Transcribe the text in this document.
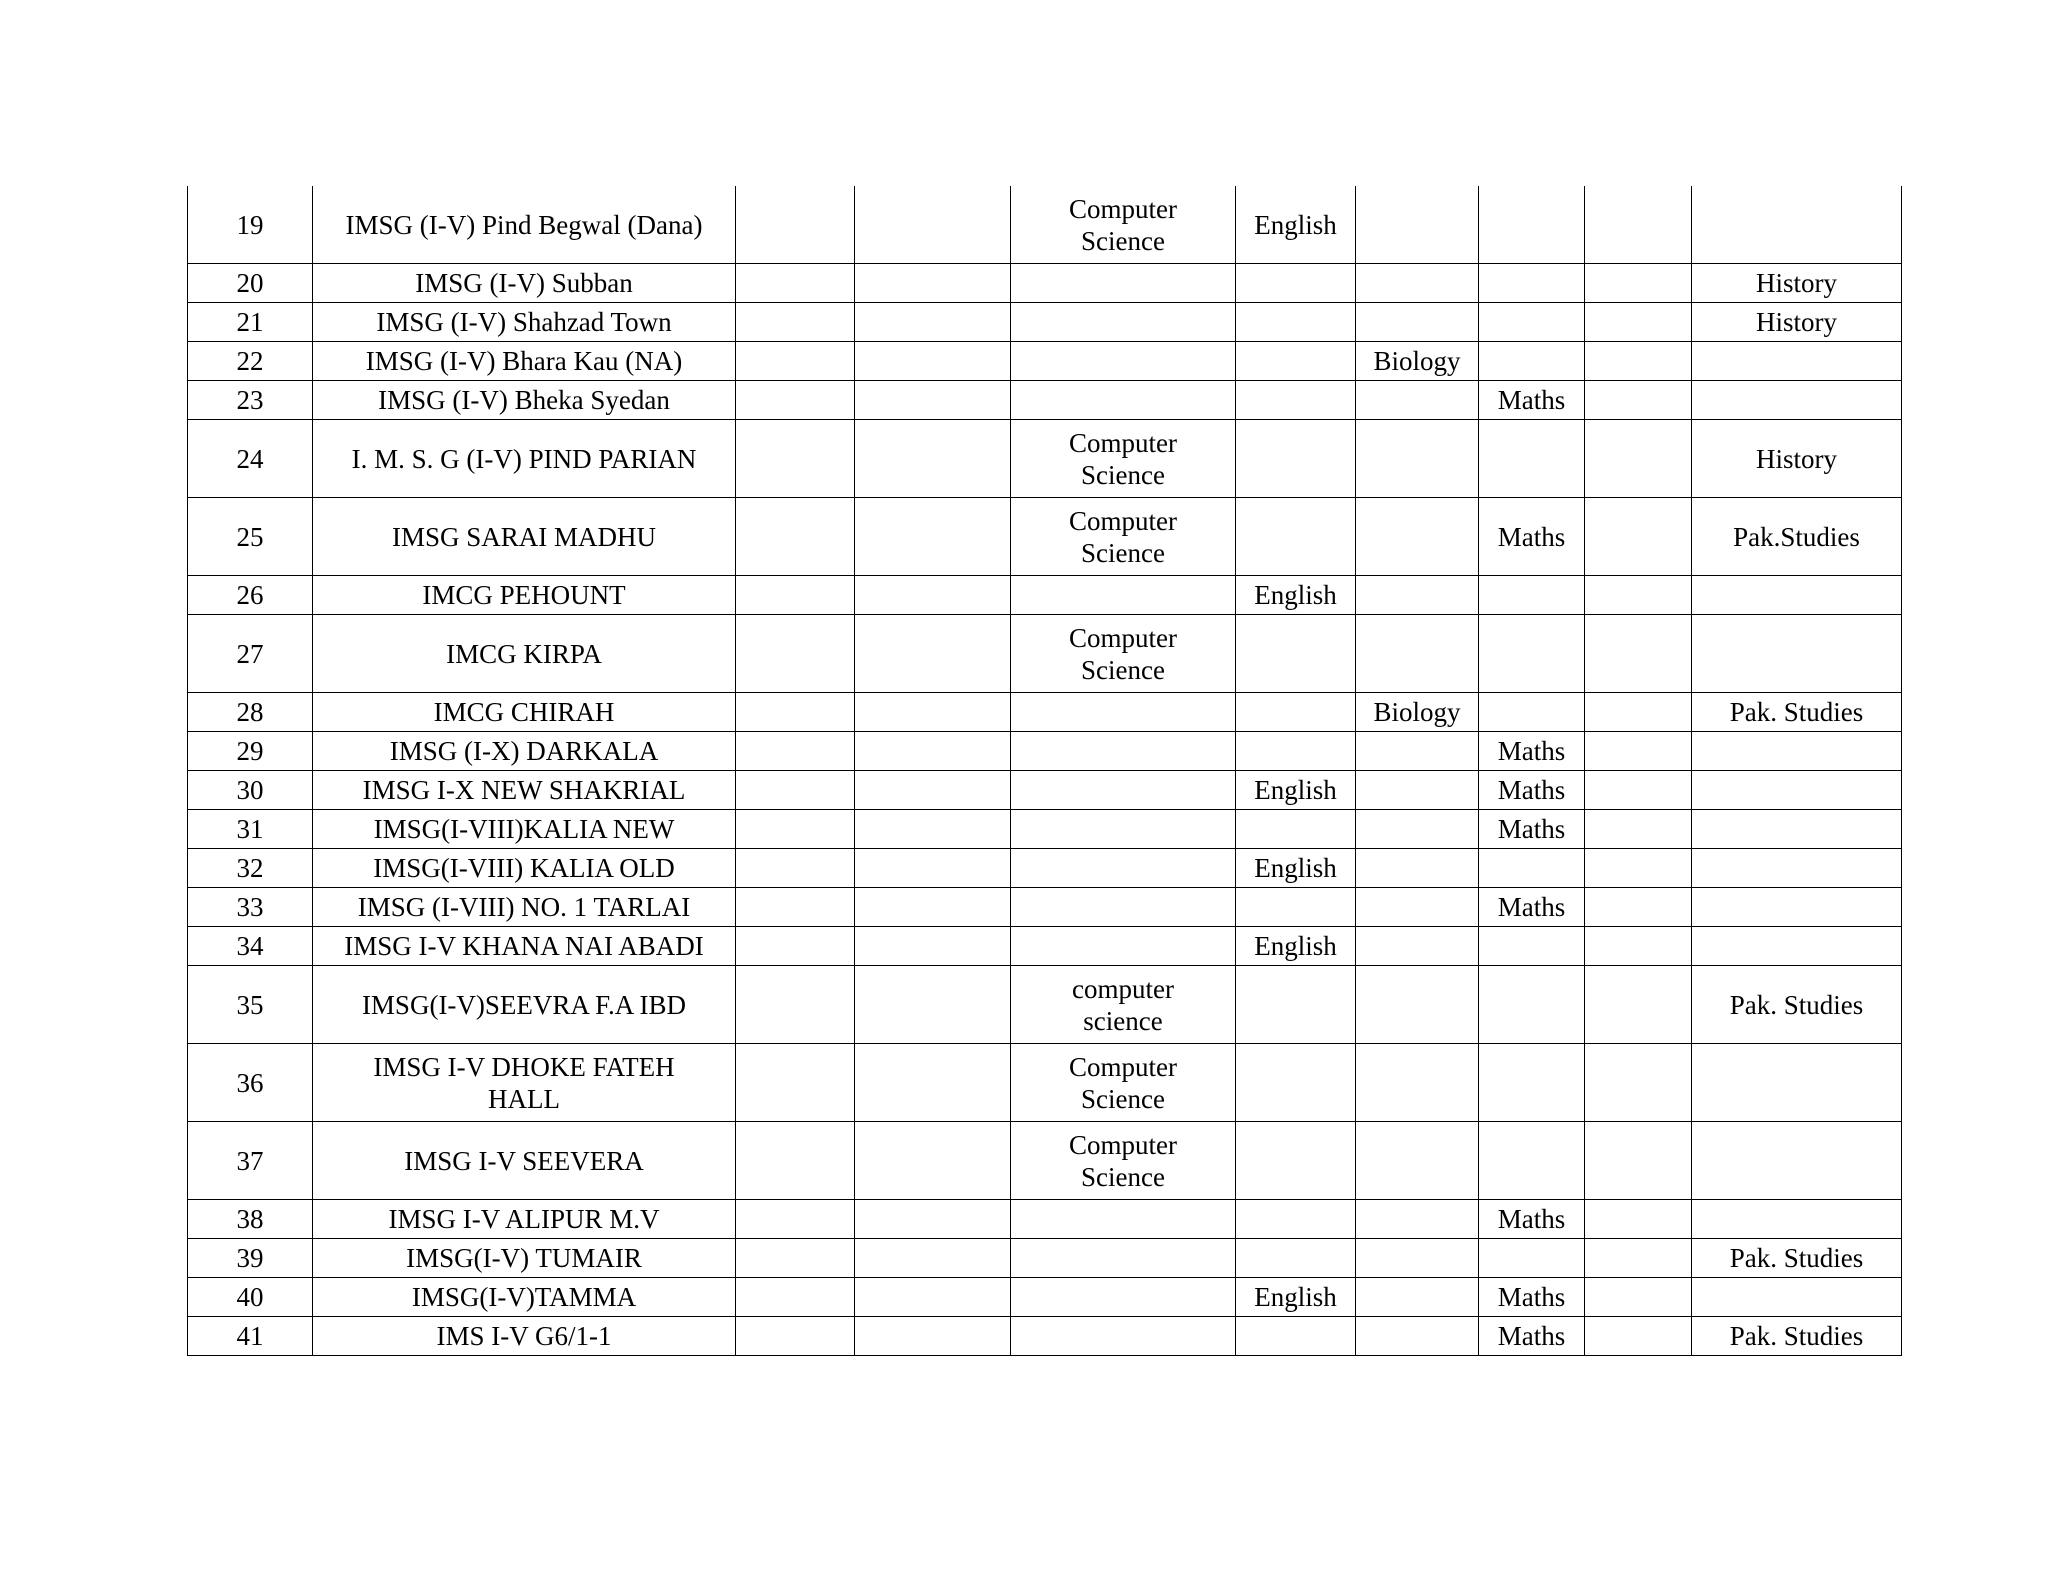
19	IMSG (I-V) Pind Begwal (Dana)			Computer
Science	English				

20	IMSG (I-V) Subban								History

21	IMSG (I-V) Shahzad Town								History

22	IMSG (I-V) Bhara Kau (NA)					Biology			

23	IMSG (I-V) Bheka Syedan						Maths		

24	I. M. S. G (I-V) PIND PARIAN			Computer
Science					History

25	IMSG SARAI MADHU			Computer
Science			Maths		Pak.Studies

26	IMCG PEHOUNT				English				

27	IMCG KIRPA			Computer
Science					

28	IMCG CHIRAH					Biology			Pak. Studies

29	IMSG (I-X) DARKALA						Maths		

30	IMSG I-X NEW SHAKRIAL				English		Maths		

31	IMSG(I-VIII)KALIA NEW						Maths		

32	IMSG(I-VIII) KALIA OLD				English				

33	IMSG (I-VIII) NO. 1 TARLAI						Maths		

34	IMSG I-V KHANA NAI ABADI				English				

35	IMSG(I-V)SEEVRA F.A IBD			computer
science					Pak. Studies

36	IMSG I-V DHOKE FATEH
HALL			Computer
Science					

37	IMSG I-V SEEVERA			Computer
Science					

38	IMSG I-V ALIPUR M.V						Maths		

39	IMSG(I-V) TUMAIR								Pak. Studies

40	IMSG(I-V)TAMMA				English		Maths		

41	IMS I-V G6/1-1						Maths		Pak. Studies
